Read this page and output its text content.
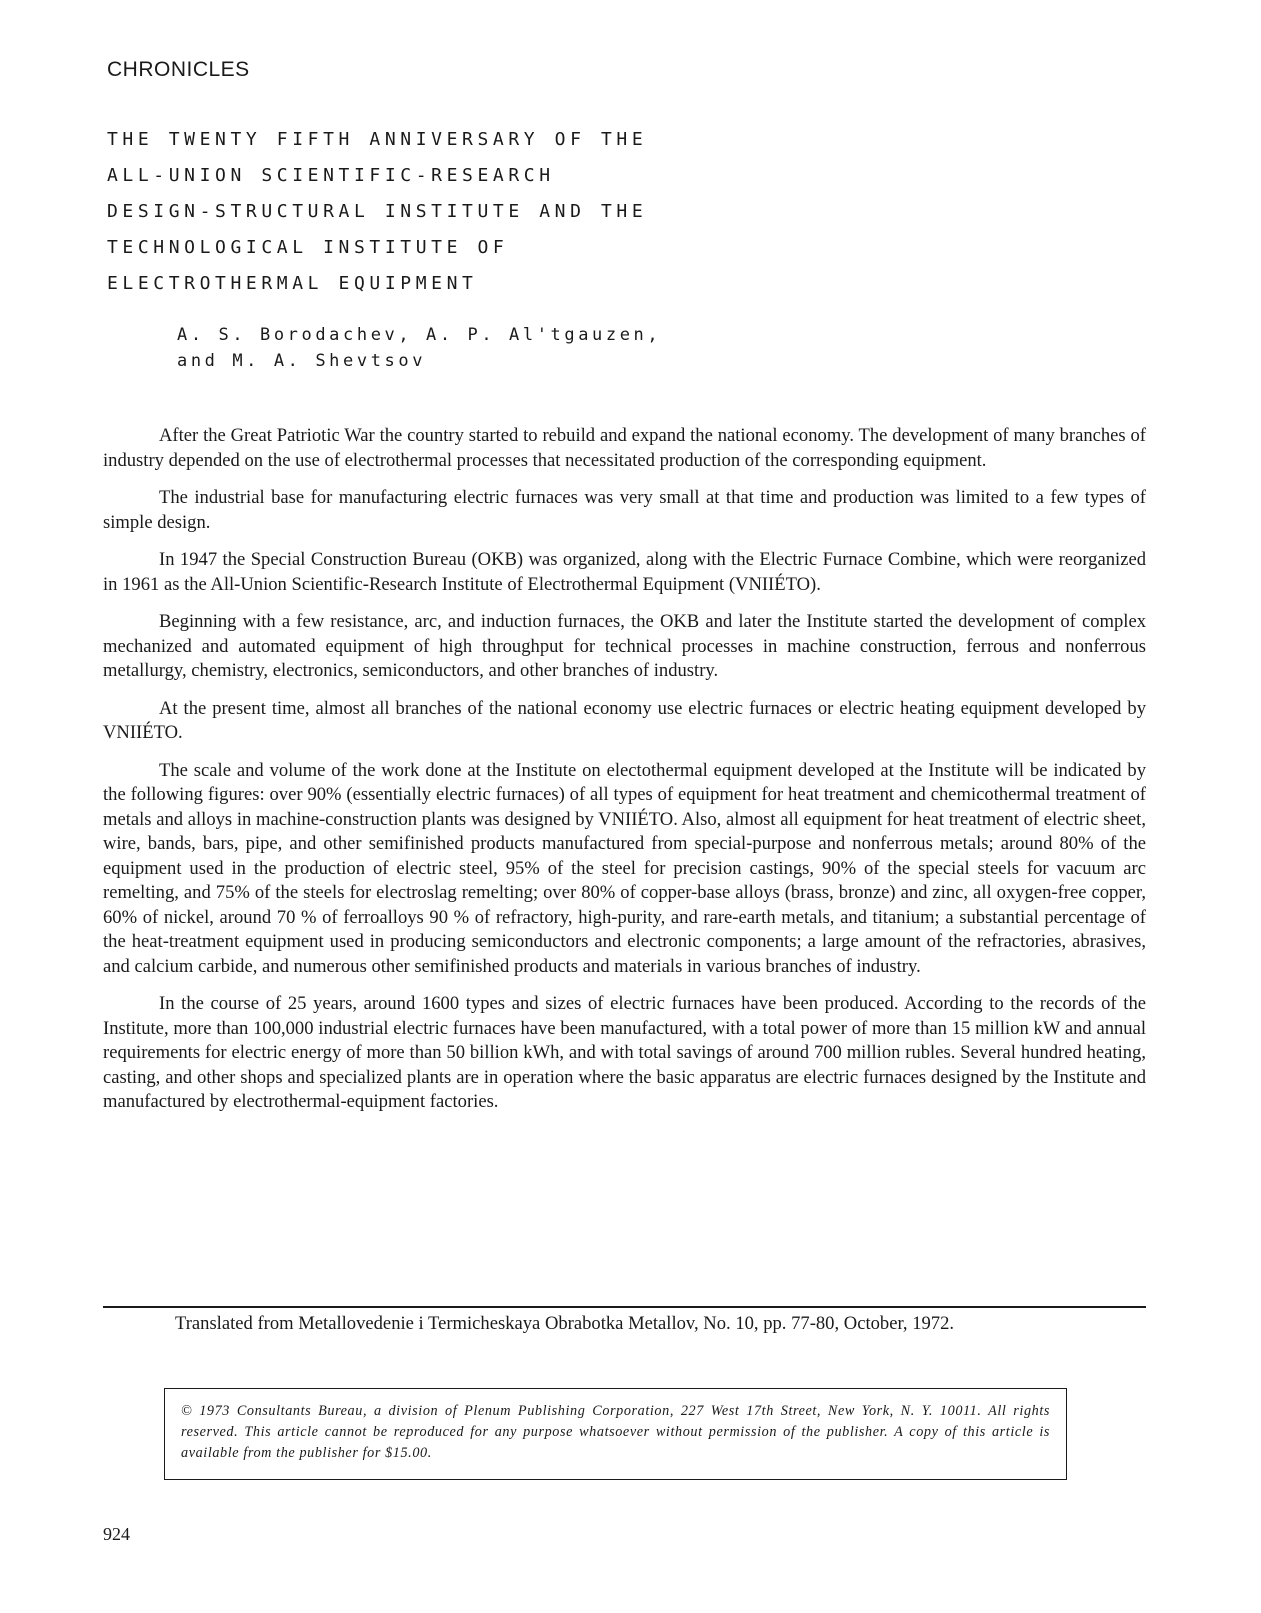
CHRONICLES
THE TWENTY FIFTH ANNIVERSARY OF THE
ALL-UNION SCIENTIFIC-RESEARCH
DESIGN-STRUCTURAL INSTITUTE AND THE
TECHNOLOGICAL INSTITUTE OF
ELECTROTHERMAL EQUIPMENT
A. S. Borodachev, A. P. Al'tgauzen,
and M. A. Shevtsov

After the Great Patriotic War the country started to rebuild and expand the national economy. The development of many branches of industry depended on the use of electrothermal processes that necessitated production of the corresponding equipment.

The industrial base for manufacturing electric furnaces was very small at that time and production was limited to a few types of simple design.

In 1947 the Special Construction Bureau (OKB) was organized, along with the Electric Furnace Combine, which were reorganized in 1961 as the All-Union Scientific-Research Institute of Electrothermal Equipment (VNIIÉTO).

Beginning with a few resistance, arc, and induction furnaces, the OKB and later the Institute started the development of complex mechanized and automated equipment of high throughput for technical processes in machine construction, ferrous and nonferrous metallurgy, chemistry, electronics, semiconductors, and other branches of industry.

At the present time, almost all branches of the national economy use electric furnaces or electric heating equipment developed by VNIIÉTO.

The scale and volume of the work done at the Institute on electothermal equipment developed at the Institute will be indicated by the following figures: over 90% (essentially electric furnaces) of all types of equipment for heat treatment and chemicothermal treatment of metals and alloys in machine-construction plants was designed by VNIIÉTO. Also, almost all equipment for heat treatment of electric sheet, wire, bands, bars, pipe, and other semifinished products manufactured from special-purpose and nonferrous metals; around 80% of the equipment used in the production of electric steel, 95% of the steel for precision castings, 90% of the special steels for vacuum arc remelting, and 75% of the steels for electroslag remelting; over 80% of copper-base alloys (brass, bronze) and zinc, all oxygen-free copper, 60% of nickel, around 70 % of ferroalloys 90 % of refractory, high-purity, and rare-earth metals, and titanium; a substantial percentage of the heat-treatment equipment used in producing semiconductors and electronic components; a large amount of the refractories, abrasives, and calcium carbide, and numerous other semifinished products and materials in various branches of industry.

In the course of 25 years, around 1600 types and sizes of electric furnaces have been produced. According to the records of the Institute, more than 100,000 industrial electric furnaces have been manufactured, with a total power of more than 15 million kW and annual requirements for electric energy of more than 50 billion kWh, and with total savings of around 700 million rubles. Several hundred heating, casting, and other shops and specialized plants are in operation where the basic apparatus are electric furnaces designed by the Institute and manufactured by electrothermal-equipment factories.

Translated from Metallovedenie i Termicheskaya Obrabotka Metallov, No. 10, pp. 77-80, October, 1972.

© 1973 Consultants Bureau, a division of Plenum Publishing Corporation, 227 West 17th Street, New York, N. Y. 10011. All rights reserved. This article cannot be reproduced for any purpose whatsoever without permission of the publisher. A copy of this article is available from the publisher for $15.00.

924
